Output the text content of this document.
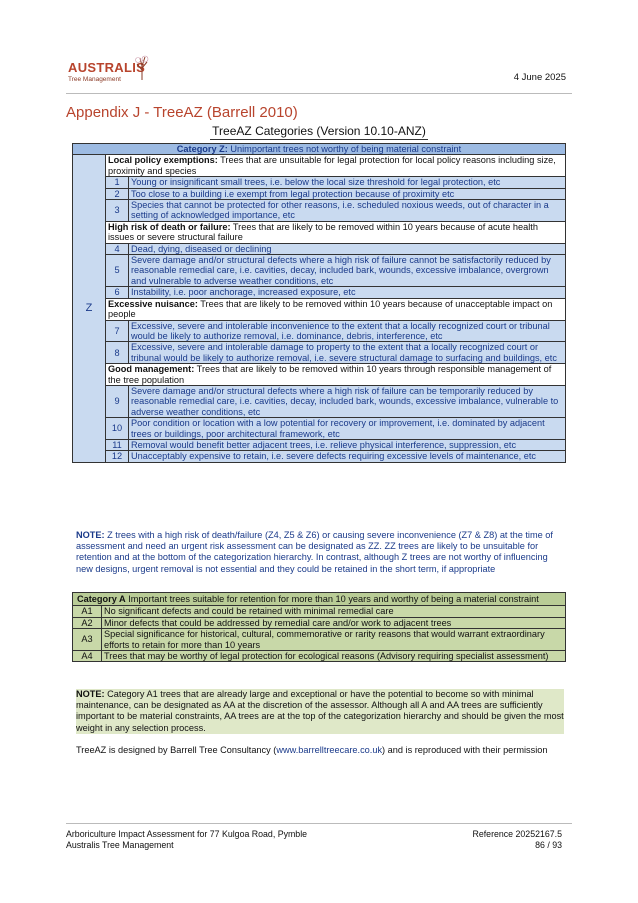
AUSTRALIS
Tree Management	4 June 2025
Appendix J - TreeAZ (Barrell 2010)
TreeAZ Categories (Version 10.10-ANZ)
Category Z: Unimportant trees not worthy of being material constraint		
Z	Local policy exemptions: Trees that are unsuitable for legal protection for local policy reasons including size, proximity and species	
	1	Young or insignificant small trees, i.e. below the local size threshold for legal protection, etc
	2	Too close to a building i.e exempt from legal protection because of proximity etc
	3	Species that cannot be protected for other reasons, i.e. scheduled noxious weeds, out of character in a setting of acknowledged importance, etc
	High risk of death or failure: Trees that are likely to be removed within 10 years because of acute health issues or severe structural failure	
	4	Dead, dying, diseased or declining
	5	Severe damage and/or structural defects where a high risk of failure cannot be satisfactorily reduced by reasonable remedial care, i.e. cavities, decay, included bark, wounds, excessive imbalance, overgrown and vulnerable to adverse weather conditions, etc
	6	Instability, i.e. poor anchorage, increased exposure, etc
	Excessive nuisance: Trees that are likely to be removed within 10 years because of unacceptable impact on people	
	7	Excessive, severe and intolerable inconvenience to the extent that a locally recognized court or tribunal would be likely to authorize removal, i.e. dominance, debris, interference, etc
	8	Excessive, severe and intolerable damage to property to the extent that a locally recognized court or tribunal would be likely to authorize removal, i.e. severe structural damage to surfacing and buildings, etc
	Good management: Trees that are likely to be removed within 10 years through responsible management of the tree population	
	9	Severe damage and/or structural defects where a high risk of failure can be temporarily reduced by reasonable remedial care, i.e. cavities, decay, included bark, wounds, excessive imbalance, vulnerable to adverse weather conditions, etc
	10	Poor condition or location with a low potential for recovery or improvement, i.e. dominated by adjacent trees or buildings, poor architectural framework, etc
	11	Removal would benefit better adjacent trees, i.e. relieve physical interference, suppression, etc
	12	Unacceptably expensive to retain, i.e. severe defects requiring excessive levels of maintenance, etc
NOTE: Z trees with a high risk of death/failure (Z4, Z5 & Z6) or causing severe inconvenience (Z7 & Z8) at the time of assessment and need an urgent risk assessment can be designated as ZZ. ZZ trees are likely to be unsuitable for retention and at the bottom of the categorization hierarchy. In contrast, although Z trees are not worthy of influencing new designs, urgent removal is not essential and they could be retained in the short term, if appropriate
Category A Important trees suitable for retention for more than 10 years and worthy of being a material constraint	
A1	No significant defects and could be retained with minimal remedial care
A2	Minor defects that could be addressed by remedial care and/or work to adjacent trees
A3	Special significance for historical, cultural, commemorative or rarity reasons that would warrant extraordinary efforts to retain for more than 10 years
A4	Trees that may be worthy of legal protection for ecological reasons (Advisory requiring specialist assessment)
NOTE: Category A1 trees that are already large and exceptional or have the potential to become so with minimal maintenance, can be designated as AA at the discretion of the assessor. Although all A and AA trees are sufficiently important to be material constraints, AA trees are at the top of the categorization hierarchy and should be given the most weight in any selection process.
TreeAZ is designed by Barrell Tree Consultancy (www.barrelltreecare.co.uk) and is reproduced with their permission
Arboriculture Impact Assessment for 77 Kulgoa Road, Pymble
Australis Tree Management
Reference 20252167.5
86 / 93
